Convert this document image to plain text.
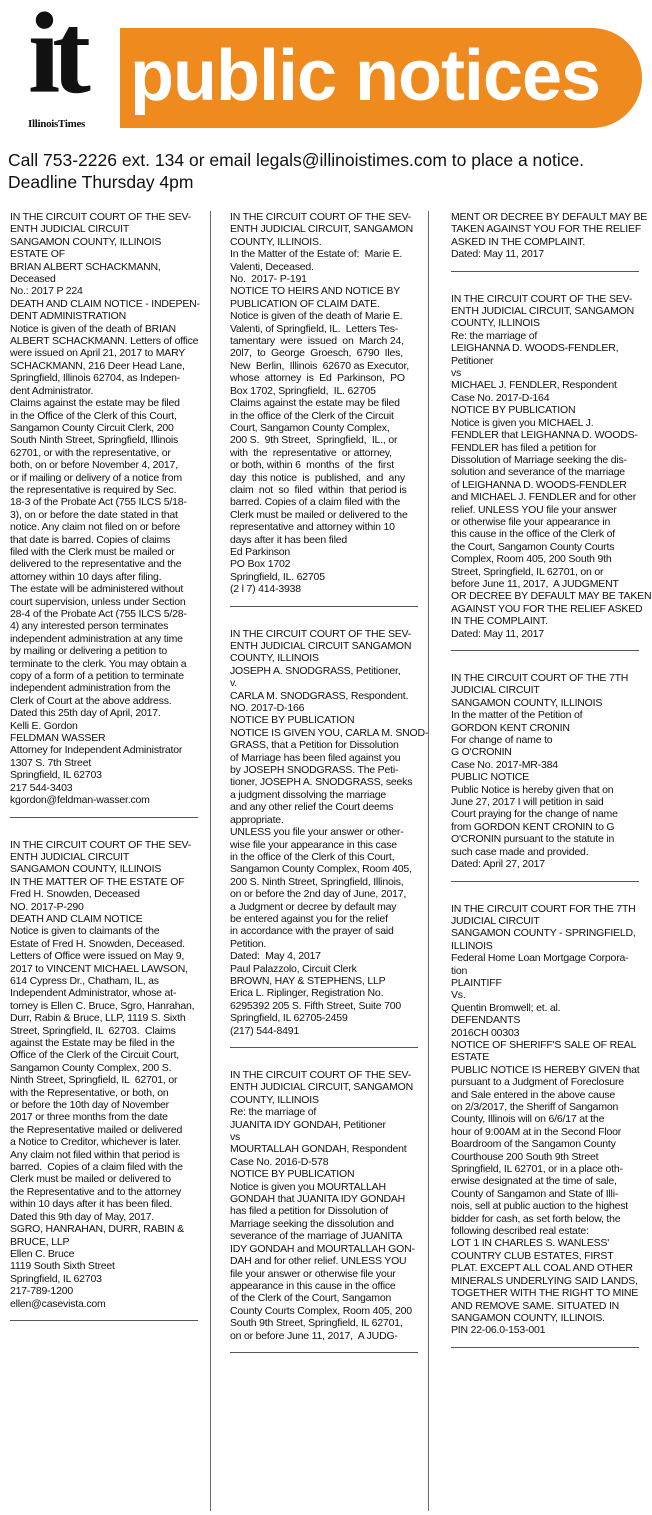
it
IllinoisTimes
public notices
Call 753-2226 ext. 134 or email legals@illinoistimes.com to place a notice.
Deadline Thursday 4pm
IN THE CIRCUIT COURT OF THE SEV-
ENTH JUDICIAL CIRCUIT
SANGAMON COUNTY, ILLINOIS
ESTATE OF
BRIAN ALBERT SCHACKMANN,
Deceased
No.: 2017 P 224
DEATH AND CLAIM NOTICE - INDEPEN-
DENT ADMINISTRATION
Notice is given of the death of BRIAN
ALBERT SCHACKMANN. Letters of office
were issued on April 21, 2017 to MARY
SCHACKMANN, 216 Deer Head Lane,
Springfield, Illinois 62704, as Indepen-
dent Administrator.
Claims against the estate may be filed
in the Office of the Clerk of this Court,
Sangamon County Circuit Clerk, 200
South Ninth Street, Springfield, Illinois
62701, or with the representative, or
both, on or before November 4, 2017,
or if mailing or delivery of a notice from
the representative is required by Sec.
18-3 of the Probate Act (755 ILCS 5/18-
3), on or before the date stated in that
notice. Any claim not filed on or before
that date is barred. Copies of claims
filed with the Clerk must be mailed or
delivered to the representative and the
attorney within 10 days after filing.
The estate will be administered without
court supervision, unless under Section
28-4 of the Probate Act (755 ILCS 5/28-
4) any interested person terminates
independent administration at any time
by mailing or delivering a petition to
terminate to the clerk. You may obtain a
copy of a form of a petition to terminate
independent administration from the
Clerk of Court at the above address.
Dated this 25th day of April, 2017.
Kelli E. Gordon
FELDMAN WASSER
Attorney for Independent Administrator
1307 S. 7th Street
Springfield, IL 62703
217 544-3403
kgordon@feldman-wasser.com
IN THE CIRCUIT COURT OF THE SEV-
ENTH JUDICIAL CIRCUIT
SANGAMON COUNTY, ILLINOIS
IN THE MATTER OF THE ESTATE OF
Fred H. Snowden, Deceased
NO. 2017-P-290
DEATH AND CLAIM NOTICE
Notice is given to claimants of the
Estate of Fred H. Snowden, Deceased.
Letters of Office were issued on May 9,
2017 to VINCENT MICHAEL LAWSON,
614 Cypress Dr., Chatham, IL, as
Independent Administrator, whose at-
torney is Ellen C. Bruce, Sgro, Hanrahan,
Durr, Rabin & Bruce, LLP, 1119 S. Sixth
Street, Springfield, IL  62703.  Claims
against the Estate may be filed in the
Office of the Clerk of the Circuit Court,
Sangamon County Complex, 200 S.
Ninth Street, Springfield, IL  62701, or
with the Representative, or both, on
or before the 10th day of November
2017 or three months from the date
the Representative mailed or delivered
a Notice to Creditor, whichever is later.
Any claim not filed within that period is
barred.  Copies of a claim filed with the
Clerk must be mailed or delivered to
the Representative and to the attorney
within 10 days after it has been filed.
Dated this 9th day of May, 2017.
SGRO, HANRAHAN, DURR, RABIN &
BRUCE, LLP
Ellen C. Bruce
1119 South Sixth Street
Springfield, IL 62703
217-789-1200
ellen@casevista.com
IN THE CIRCUIT COURT OF THE SEV-
ENTH JUDICIAL CIRCUIT, SANGAMON
COUNTY, ILLINOIS.
In the Matter of the Estate of:  Marie E.
Valenti, Deceased.
No.  2017- P-191
NOTICE TO HEIRS AND NOTICE BY
PUBLICATION OF CLAIM DATE.
Notice is given of the death of Marie E.
Valenti, of Springfield, IL.  Letters Tes-
tamentary  were  issued  on  March 24,
20l7,  to  George  Groesch,  6790  Iles,
New  Berlin,  Illinois  62670 as Executor,
whose  attorney  is  Ed  Parkinson,  PO
Box 1702, Springfield,  IL. 62705
Claims against the estate may be filed
in the office of the Clerk of the Circuit
Court, Sangamon County Complex,
200 S.  9th Street,  Springfield,  IL., or
with  the  representative  or attorney,
or both, within 6  months  of  the  first
day  this notice  is  published,  and  any
claim  not  so  filed  within  that period is
barred. Copies of a claim filed with the
Clerk must be mailed or delivered to the
representative and attorney within 10
days after it has been filed
Ed Parkinson
PO Box 1702
Springfield, IL. 62705
(2 l 7) 414-3938
IN THE CIRCUIT COURT OF THE SEV-
ENTH JUDICIAL CIRCUIT SANGAMON
COUNTY, ILLINOIS
JOSEPH A. SNODGRASS, Petitioner,
v.
CARLA M. SNODGRASS, Respondent.
NO. 2017-D-166
NOTICE BY PUBLICATION
NOTICE IS GIVEN YOU, CARLA M. SNOD-
GRASS, that a Petition for Dissolution
of Marriage has been filed against you
by JOSEPH SNODGRASS. The Peti-
tioner, JOSEPH A. SNODGRASS, seeks
a judgment dissolving the marriage
and any other relief the Court deems
appropriate.
UNLESS you file your answer or other-
wise file your appearance in this case
in the office of the Clerk of this Court,
Sangamon County Complex, Room 405,
200 S. Ninth Street, Springfield, Illinois,
on or before the 2nd day of June, 2017,
a Judgment or decree by default may
be entered against you for the relief
in accordance with the prayer of said
Petition.
Dated:  May 4, 2017
Paul Palazzolo, Circuit Clerk
BROWN, HAY & STEPHENS, LLP
Erica L. Riplinger, Registration No.
6295392 205 S. Fifth Street, Suite 700
Springfield, IL 62705-2459
(217) 544-8491
IN THE CIRCUIT COURT OF THE SEV-
ENTH JUDICIAL CIRCUIT, SANGAMON
COUNTY, ILLINOIS
Re: the marriage of
JUANITA IDY GONDAH, Petitioner
vs
MOURTALLAH GONDAH, Respondent
Case No. 2016-D-578
NOTICE BY PUBLICATION
Notice is given you MOURTALLAH
GONDAH that JUANITA IDY GONDAH
has filed a petition for Dissolution of
Marriage seeking the dissolution and
severance of the marriage of JUANITA
IDY GONDAH and MOURTALLAH GON-
DAH and for other relief. UNLESS YOU
file your answer or otherwise file your
appearance in this cause in the office
of the Clerk of the Court, Sangamon
County Courts Complex, Room 405, 200
South 9th Street, Springfield, IL 62701,
on or before June 11, 2017,  A JUDG-
MENT OR DECREE BY DEFAULT MAY BE
TAKEN AGAINST YOU FOR THE RELIEF
ASKED IN THE COMPLAINT.
Dated: May 11, 2017
IN THE CIRCUIT COURT OF THE SEV-
ENTH JUDICIAL CIRCUIT, SANGAMON
COUNTY, ILLINOIS
Re: the marriage of
LEIGHANNA D. WOODS-FENDLER,
Petitioner
vs
MICHAEL J. FENDLER, Respondent
Case No. 2017-D-164
NOTICE BY PUBLICATION
Notice is given you MICHAEL J.
FENDLER that LEIGHANNA D. WOODS-
FENDLER has filed a petition for
Dissolution of Marriage seeking the dis-
solution and severance of the marriage
of LEIGHANNA D. WOODS-FENDLER
and MICHAEL J. FENDLER and for other
relief. UNLESS YOU file your answer
or otherwise file your appearance in
this cause in the office of the Clerk of
the Court, Sangamon County Courts
Complex, Room 405, 200 South 9th
Street, Springfield, IL 62701, on or
before June 11, 2017,  A JUDGMENT
OR DECREE BY DEFAULT MAY BE TAKEN
AGAINST YOU FOR THE RELIEF ASKED
IN THE COMPLAINT.
Dated: May 11, 2017
IN THE CIRCUIT COURT OF THE 7TH
JUDICIAL CIRCUIT
SANGAMON COUNTY, ILLINOIS
In the matter of the Petition of
GORDON KENT CRONIN
For change of name to
G O'CRONIN
Case No. 2017-MR-384
PUBLIC NOTICE
Public Notice is hereby given that on
June 27, 2017 I will petition in said
Court praying for the change of name
from GORDON KENT CRONIN to G
O'CRONIN pursuant to the statute in
such case made and provided.
Dated: April 27, 2017
IN THE CIRCUIT COURT FOR THE 7TH
JUDICIAL CIRCUIT
SANGAMON COUNTY - SPRINGFIELD,
ILLINOIS
Federal Home Loan Mortgage Corpora-
tion
PLAINTIFF
Vs.
Quentin Bromwell; et. al.
DEFENDANTS
2016CH 00303
NOTICE OF SHERIFF'S SALE OF REAL
ESTATE
PUBLIC NOTICE IS HEREBY GIVEN that
pursuant to a Judgment of Foreclosure
and Sale entered in the above cause
on 2/3/2017, the Sheriff of Sangamon
County, Illinois will on 6/6/17 at the
hour of 9:00AM at in the Second Floor
Boardroom of the Sangamon County
Courthouse 200 South 9th Street
Springfield, IL 62701, or in a place oth-
erwise designated at the time of sale,
County of Sangamon and State of Illi-
nois, sell at public auction to the highest
bidder for cash, as set forth below, the
following described real estate:
LOT 1 IN CHARLES S. WANLESS'
COUNTRY CLUB ESTATES, FIRST
PLAT. EXCEPT ALL COAL AND OTHER
MINERALS UNDERLYING SAID LANDS,
TOGETHER WITH THE RIGHT TO MINE
AND REMOVE SAME. SITUATED IN
SANGAMON COUNTY, ILLINOIS.
PIN 22-06.0-153-001
